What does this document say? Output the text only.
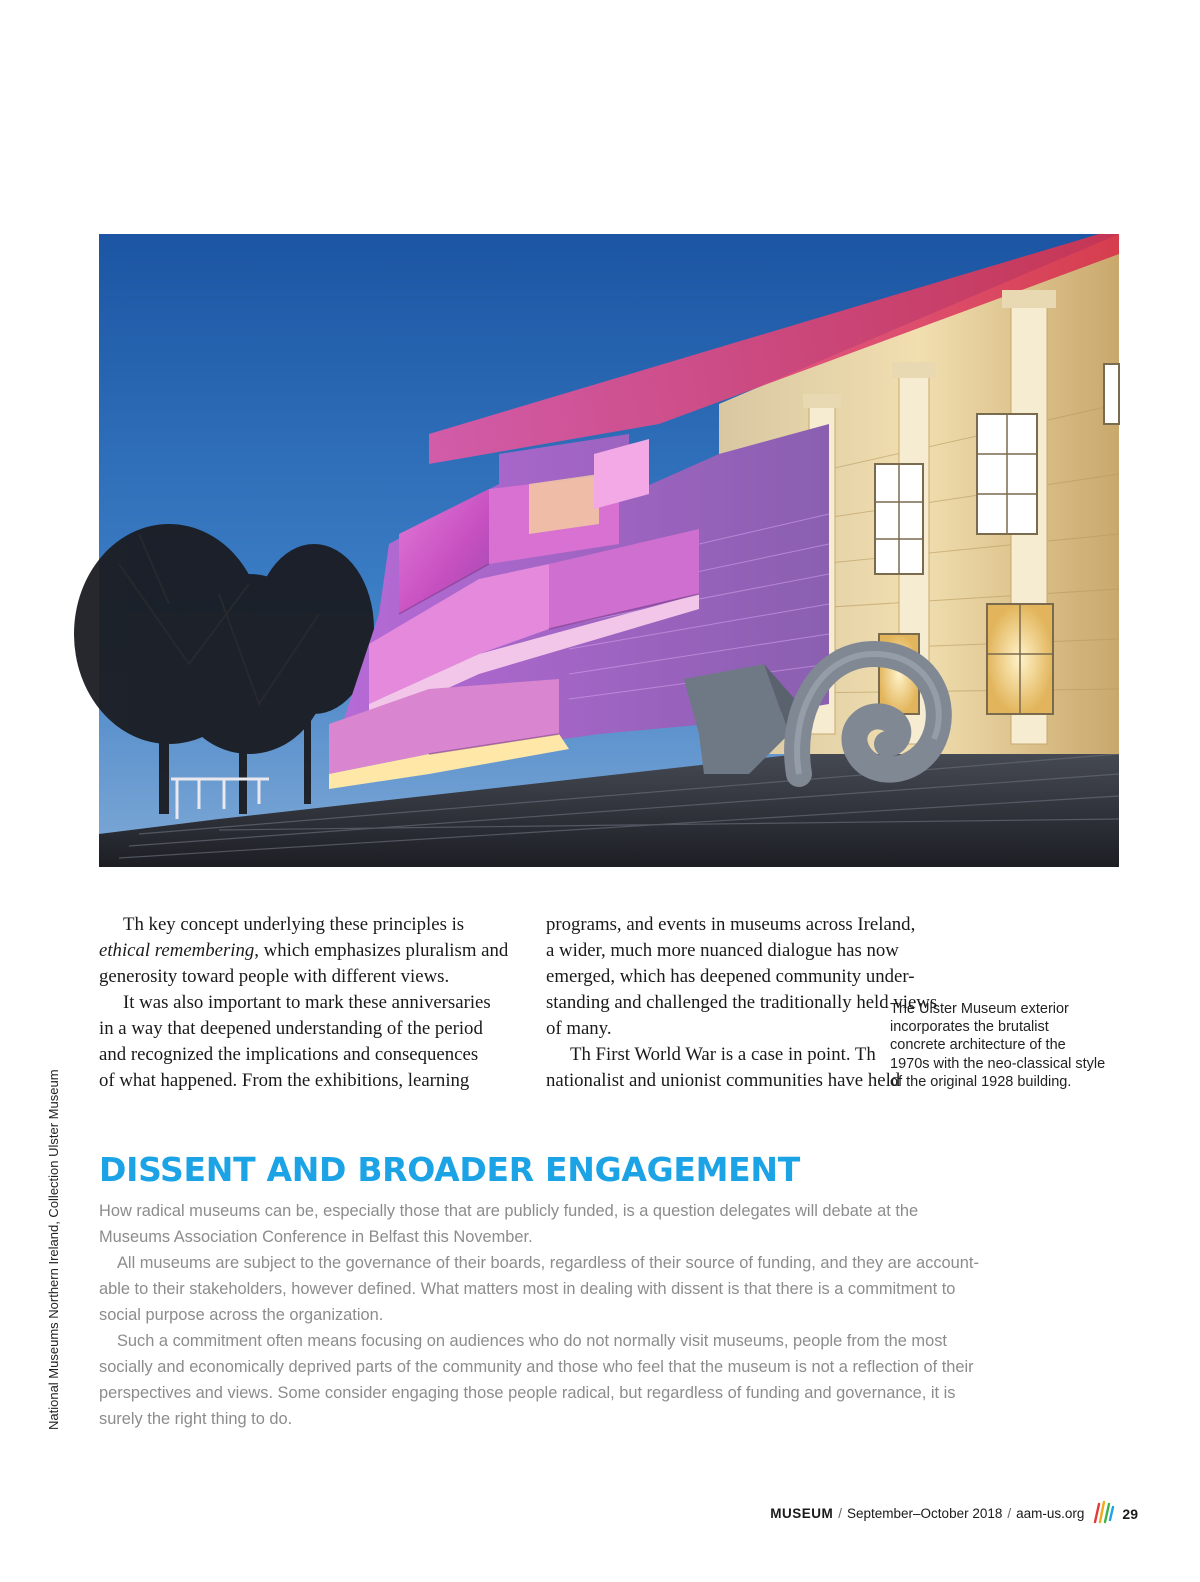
The Ulster Museum exterior
incorporates the brutalist
concrete architecture of the
1970s with the neo-classical style
of the original 1928 building.
National Museums Northern Ireland, Collection Ulster Museum
Th key concept underlying these principles is
ethical remembering, which emphasizes pluralism and
generosity toward people with different views.
It was also important to mark these anniversaries
in a way that deepened understanding of the period
and recognized the implications and consequences
of what happened. From the exhibitions, learning
programs, and events in museums across Ireland,
a wider, much more nuanced dialogue has now
emerged, which has deepened community under-
standing and challenged the traditionally held views
of many.
Th First World War is a case in point. Th
nationalist and unionist communities have held
DISSENT AND BROADER ENGAGEMENT
How radical museums can be, especially those that are publicly funded, is a question delegates will debate at the
Museums Association Conference in Belfast this November.
All museums are subject to the governance of their boards, regardless of their source of funding, and they are account-
able to their stakeholders, however defined. What matters most in dealing with dissent is that there is a commitment to
social purpose across the organization.
Such a commitment often means focusing on audiences who do not normally visit museums, people from the most
socially and economically deprived parts of the community and those who feel that the museum is not a reflection of their
perspectives and views. Some consider engaging those people radical, but regardless of funding and governance, it is
surely the right thing to do.
MUSEUM / September–October 2018 / aam-us.org	29
